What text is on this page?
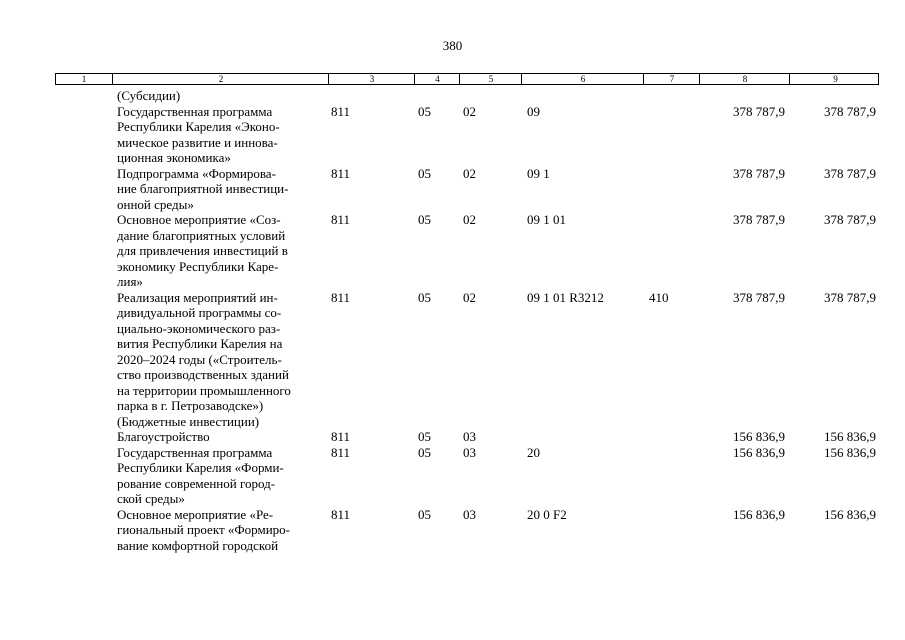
380
1	2	3	4	5	6	7	8	9
(Субсидии)
Государственная программа
Республики Карелия «Эконо-
мическое развитие и иннова-
ционная экономика»
811	05 02	09	378 787,9	378 787,9
Подпрограмма «Формирова-
ние благоприятной инвестици-
онной среды»
811	05 02	09 1	378 787,9	378 787,9
Основное мероприятие «Соз-
дание благоприятных условий
для привлечения инвестиций в
экономику Республики Каре-
лия»
811	05 02	09 1 01	378 787,9	378 787,9
Реализация мероприятий ин-
дивидуальной программы со-
циально-экономического раз-
вития Республики Карелия на
2020–2024 годы («Строитель-
ство производственных зданий
на территории промышленного
парка в г. Петрозаводске»)
(Бюджетные инвестиции)
811	05 02	09 1 01 R3212	410	378 787,9	378 787,9
Благоустройство	811	05 03	156 836,9	156 836,9
Государственная программа
Республики Карелия «Форми-
рование современной город-
ской среды»
811	05 03	20	156 836,9	156 836,9
Основное мероприятие «Ре-
гиональный проект «Формиро-
вание комфортной городской
811	05 03	20 0 F2	156 836,9	156 836,9
